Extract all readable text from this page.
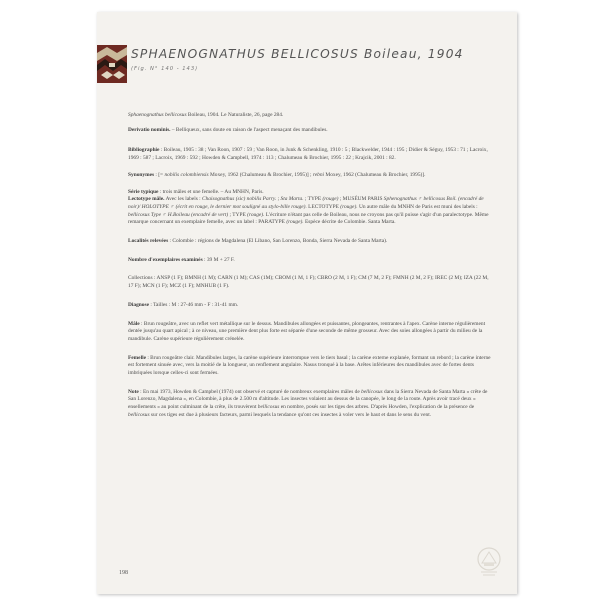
SPHAENOGNATHUS BELLICOSUS Boileau, 1904
(Fig. N° 140 - 143)

Sphaenognathus bellicosus Boileau, 1904. Le Naturaliste, 26, page 284.

Derivatio nominis. – Belliqueux, sans doute en raison de l'aspect menaçant des mandibules.

Bibliographie : Boileau, 1905 : 38 ; Van Roon, 1907 : 59 ; Van Roon, in Junk & Schenkling, 1910 : 5 ; Blackwelder, 1944 : 195 ; Didier & Séguy, 1953 : 71 ; Lacroix, 1969 : 587 ; Lacroix, 1969 : 592 ; Howden & Campbell, 1974 : 113 ; Chalumeau & Brochier, 1995 : 22 ; Krajcik, 2001 : 82.

Synonymes : [= nobilis colombiensis Moxey, 1962 (Chalumeau & Brochier, 1995)] ; rebni Moxey, 1962 (Chalumeau & Brochier, 1995)].

Série typique : trois mâles et une femelle. – Au MNHN, Paris.

Lectotype mâle. Avec les labels : Chaisognathus (sic) nobilis Parry. ; Sta Marta. ; TYPE (rouge) ; MUSÉUM PARIS Sphenognathus ♂ bellicosus Boil. (encadré de noir)/ HOLOTYPE ♂ (écrit en rouge, le dernier mot souligné au stylo-bille rouge). LECTOTYPE (rouge). Un autre mâle du MNHN de Paris est muni des labels : bellicosus Type ♂ H.Boileau (encadré de vert) ; TYPE (rouge). L'écriture n'étant pas celle de Boileau, nous ne croyons pas qu'il puisse s'agir d'un paralectotype. Même remarque concernant un exemplaire femelle, avec un label : PARATYPE (rouge). Espèce décrite de Colombie. Santa Marta.

Localités relevées : Colombie : régions de Magdalena (El Libano, San Lorenzo, Bonda, Sierra Nevada de Santa Marta).

Nombre d'exemplaires examinés : 39 M + 27 F.

Collections : ANSP (1 F); BMNH (1 M); CARN (1 M); CAS (1M); CBOM (1 M, 1 F); CBRO (2 M, 1 F); CM (7 M, 2 F); FMNH (2 M, 2 F); IREC (2 M); IZA (22 M, 17 F); MCN (1 F); MCZ (1 F); MNHUB (1 F).

Diagnose : Tailles : M : 27-46 mm - F : 31-41 mm.

Mâle : Brun rougeâtre, avec un reflet vert métallique sur le dessus. Mandibules allongées et puissantes, plongeantes, rentrantes à l'apex. Carène interne régulièrement dentée jusqu'au quart apical ; à ce niveau, une première dent plus forte est séparée d'une seconde de même grosseur. Avec des soies allongées à partir du milieu de la mandibule. Carène supérieure régulièrement crénelée.

Femelle : Brun rougeâtre clair. Mandibules larges, la carène supérieure interrompue vers le tiers basal ; la carène externe explanée, formant un rebord ; la carène interne est fortement sinuée avec, vers la moitié de la longueur, un renflement angulaire. Nasus tronqué à la base. Arêtes inférieures des mandibules avec de fortes dents imbriquées lorsque celles-ci sont fermées.

Note : En mai 1973, Howden & Campbel (1974) ont observé et capturé de nombreux exemplaires mâles de bellicosus dans la Sierra Nevada de Santa Marta « crête de San Lorenzo, Magdalena », en Colombie, à plus de 2.500 m d'altitude. Les insectes volaient au dessus de la canopée, le long de la route. Après avoir tracé deux « ensellements » au point culminant de la crête, ils trouvèrent bellicosus en nombre, posés sur les tiges des arbres. D'après Howden, l'explication de la présence de bellicosus sur ces tiges est due à plusieurs facteurs, parmi lesquels la tendance qu'ont ces insectes à voler vers le haut et dans le sens du vent.

198
